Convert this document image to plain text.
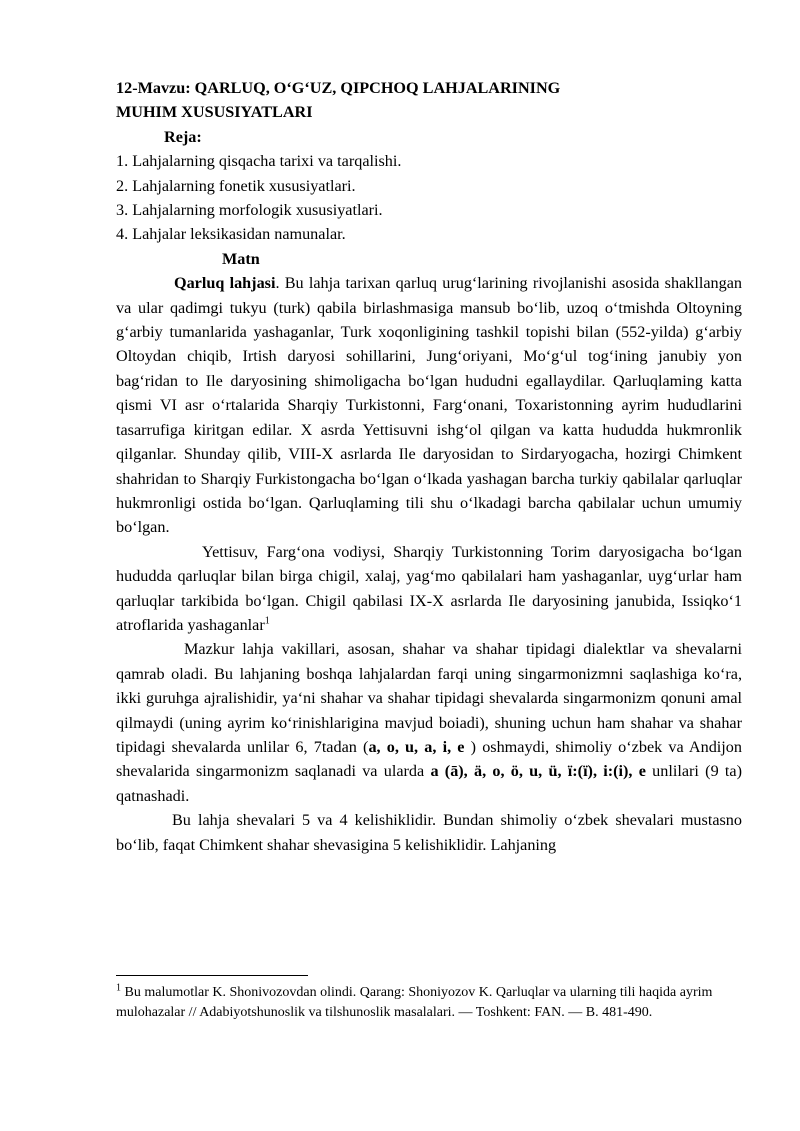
12-Mavzu: QARLUQ, O‘G‘UZ, QIPCHOQ LAHJALARINING
MUHIM XUSUSIYATLARI

Reja:

1. Lahjalarning qisqacha tarixi va tarqalishi.

2. Lahjalarning fonetik xususiyatlari.

3. Lahjalarning morfologik xususiyatlari.

4. Lahjalar leksikasidan namunalar.

Matn

Qarluq lahjasi. Bu lahja tarixan qarluq urug‘larining rivojlanishi asosida shakllangan va ular qadimgi tukyu (turk) qabila birlashmasiga mansub bo‘lib, uzoq o‘tmishda Oltoyning g‘arbiy tumanlarida yashaganlar, Turk xoqonligining tashkil topishi bilan (552-yilda) g‘arbiy Oltoydan chiqib, Irtish daryosi sohillarini, Jung‘oriyani, Mo‘g‘ul tog‘ining janubiy yon bag‘ridan to Ile daryosining shimoligacha bo‘lgan hududni egallaydilar. Qarluqlaming katta qismi VI asr o‘rtalarida Sharqiy Turkistonni, Farg‘onani, Toxaristonning ayrim hududlarini tasarrufiga kiritgan edilar. X asrda Yettisuvni ishg‘ol qilgan va katta hududda hukmronlik qilganlar. Shunday qilib, VIII-X asrlarda Ile daryosidan to Sirdaryogacha, hozirgi Chimkent shahridan to Sharqiy Furkistongacha bo‘lgan o‘lkada yashagan barcha turkiy qabilalar qarluqlar hukmronligi ostida bo‘lgan. Qarluqlaming tili shu o‘lkadagi barcha qabilalar uchun umumiy bo‘lgan.

Yettisuv, Farg‘ona vodiysi, Sharqiy Turkistonning Torim daryosigacha bo‘lgan hududda qarluqlar bilan birga chigil, xalaj, yag‘mo qabilalari ham yashaganlar, uyg‘urlar ham qarluqlar tarkibida bo‘lgan. Chigil qabilasi IX-X asrlarda Ile daryosining janubida, Issiqko‘1 atroflarida yashaganlar$^1$

Mazkur lahja vakillari, asosan, shahar va shahar tipidagi dialektlar va shevalarni qamrab oladi. Bu lahjaning boshqa lahjalardan farqi uning singarmonizmni saqlashiga ko‘ra, ikki guruhga ajralishidir, ya‘ni shahar va shahar tipidagi shevalarda singarmonizm qonuni amal qilmaydi (uning ayrim ko‘rinishlarigina mavjud boiadi), shuning uchun ham shahar va shahar tipidagi shevalarda unlilar 6, 7tadan (a, o, u, a, i, e ) oshmaydi, shimoliy o‘zbek va Andijon shevalarida singarmonizm saqlanadi va ularda a (ā), ä, o, ö, u, ü, ï:(ï), i:(i), e unlilari (9 ta) qatnashadi.

Bu lahja shevalari 5 va 4 kelishiklidir. Bundan shimoliy o‘zbek shevalari mustasno bo‘lib, faqat Chimkent shahar shevasigina 5 kelishiklidir. Lahjaning

$^1$ Bu malumotlar K. Shonivozovdan olindi. Qarang: Shoniyozov K. Qarluqlar va ularning tili haqida ayrim mulohazalar // Adabiyotshunoslik va tilshunoslik masalalari. — Toshkent: FAN. — B. 481-490.
